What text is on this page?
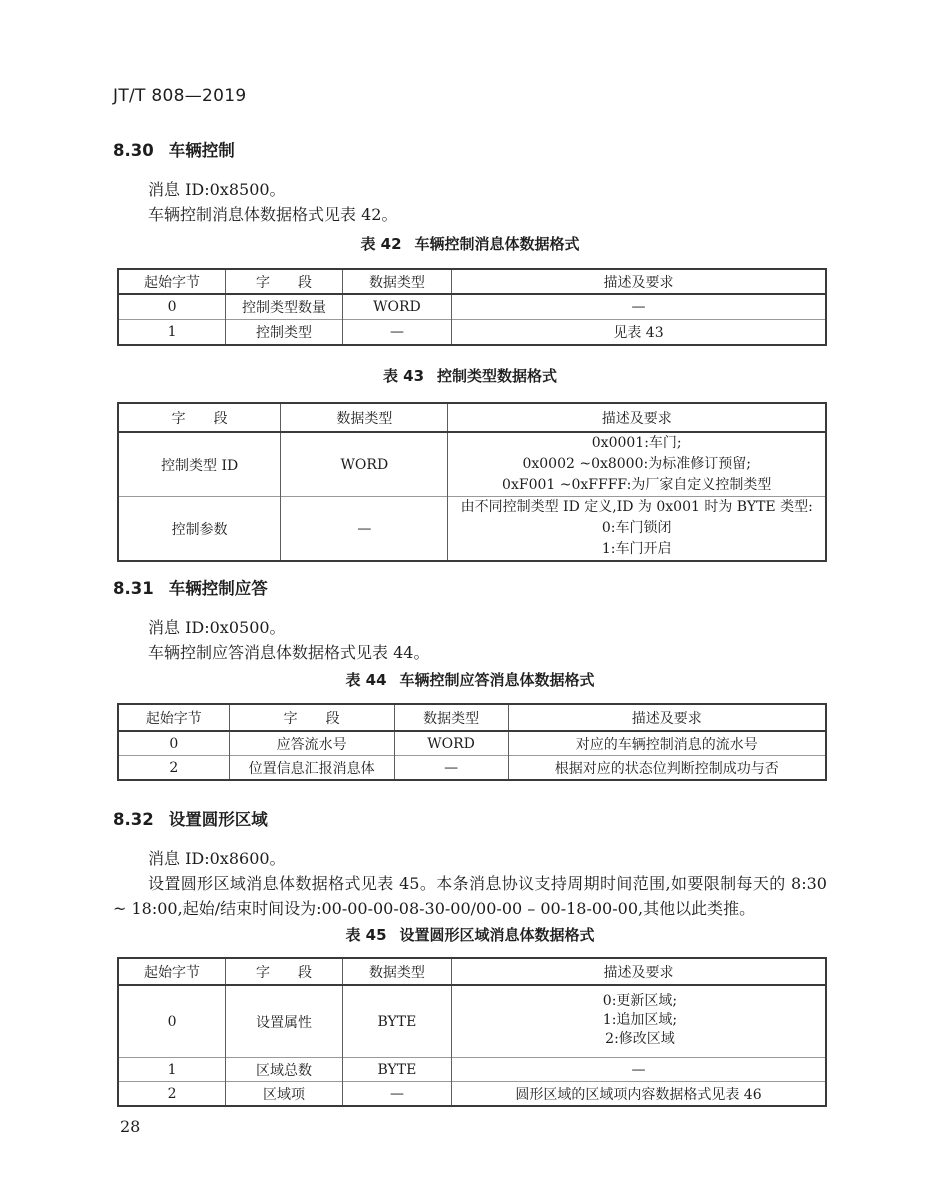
JT/T 808—2019
8.30 车辆控制

消息 ID:0x8500。

车辆控制消息体数据格式见表 42。

表 42 车辆控制消息体数据格式
起始字节	字　　段	数据类型	描述及要求
0	控制类型数量	WORD	—
1	控制类型	—	见表 43
表 43 控制类型数据格式
字　　段	数据类型	描述及要求
控制类型 ID	WORD	0x0001:车门;
0x0002 ~0x8000:为标准修订预留;
0xF001 ~0xFFFF:为厂家自定义控制类型

控制参数	—	由不同控制类型 ID 定义,ID 为 0x001 时为 BYTE 类型:
0:车门锁闭
1:车门开启
8.31 车辆控制应答

消息 ID:0x0500。

车辆控制应答消息体数据格式见表 44。

表 44 车辆控制应答消息体数据格式
起始字节	字　　段	数据类型	描述及要求
0	应答流水号	WORD	对应的车辆控制消息的流水号
2	位置信息汇报消息体	—	根据对应的状态位判断控制成功与否
8.32 设置圆形区域

消息 ID:0x8600。

设置圆形区域消息体数据格式见表 45。本条消息协议支持周期时间范围,如要限制每天的 8:30 ~ 18:00,起始/结束时间设为:00-00-00-08-30-00/00-00 – 00-18-00-00,其他以此类推。

表 45 设置圆形区域消息体数据格式
起始字节	字　　段	数据类型	描述及要求
0	设置属性	BYTE	0:更新区域;
1:追加区域;
2:修改区域

1	区域总数	BYTE	—
2	区域项	—	圆形区域的区域项内容数据格式见表 46
28
